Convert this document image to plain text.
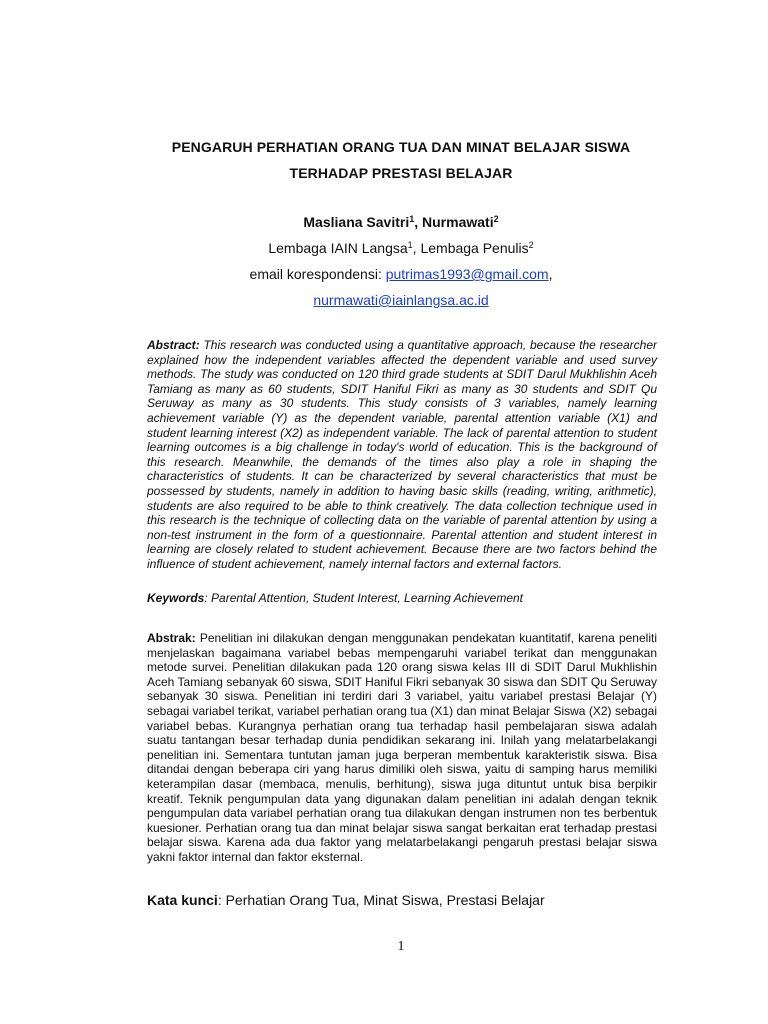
PENGARUH PERHATIAN ORANG TUA DAN MINAT BELAJAR SISWA
TERHADAP PRESTASI BELAJAR
Masliana Savitri$^1$, Nurmawati$^2$
Lembaga IAIN Langsa$^1$, Lembaga Penulis$^2$
email korespondensi: putrimas1993@gmail.com,
nurmawati@iainlangsa.ac.id
Abstract: This research was conducted using a quantitative approach, because the researcher explained how the independent variables affected the dependent variable and used survey methods. The study was conducted on 120 third grade students at SDIT Darul Mukhlishin Aceh Tamiang as many as 60 students, SDIT Haniful Fikri as many as 30 students and SDIT Qu Seruway as many as 30 students. This study consists of 3 variables, namely learning achievement variable (Y) as the dependent variable, parental attention variable (X1) and student learning interest (X2) as independent variable. The lack of parental attention to student learning outcomes is a big challenge in today's world of education. This is the background of this research. Meanwhile, the demands of the times also play a role in shaping the characteristics of students. It can be characterized by several characteristics that must be possessed by students, namely in addition to having basic skills (reading, writing, arithmetic), students are also required to be able to think creatively. The data collection technique used in this research is the technique of collecting data on the variable of parental attention by using a non-test instrument in the form of a questionnaire. Parental attention and student interest in learning are closely related to student achievement. Because there are two factors behind the influence of student achievement, namely internal factors and external factors.
Keywords: Parental Attention, Student Interest, Learning Achievement
Abstrak: Penelitian ini dilakukan dengan menggunakan pendekatan kuantitatif, karena peneliti menjelaskan bagaimana variabel bebas mempengaruhi variabel terikat dan menggunakan metode survei. Penelitian dilakukan pada 120 orang siswa kelas III di SDIT Darul Mukhlishin Aceh Tamiang sebanyak 60 siswa, SDIT Haniful Fikri sebanyak 30 siswa dan SDIT Qu Seruway sebanyak 30 siswa. Penelitian ini terdiri dari 3 variabel, yaitu variabel prestasi Belajar (Y) sebagai variabel terikat, variabel perhatian orang tua (X1) dan minat Belajar Siswa (X2) sebagai variabel bebas. Kurangnya perhatian orang tua terhadap hasil pembelajaran siswa adalah suatu tantangan besar terhadap dunia pendidikan sekarang ini. Inilah yang melatarbelakangi penelitian ini. Sementara tuntutan jaman juga berperan membentuk karakteristik siswa. Bisa ditandai dengan beberapa ciri yang harus dimiliki oleh siswa, yaitu di samping harus memiliki keterampilan dasar (membaca, menulis, berhitung), siswa juga dituntut untuk bisa berpikir kreatif. Teknik pengumpulan data yang digunakan dalam penelitian ini adalah dengan teknik pengumpulan data variabel perhatian orang tua dilakukan dengan instrumen non tes berbentuk kuesioner. Perhatian orang tua dan minat belajar siswa sangat berkaitan erat terhadap prestasi belajar siswa. Karena ada dua faktor yang melatarbelakangi pengaruh prestasi belajar siswa yakni faktor internal dan faktor eksternal.
Kata kunci: Perhatian Orang Tua, Minat Siswa, Prestasi Belajar
1
